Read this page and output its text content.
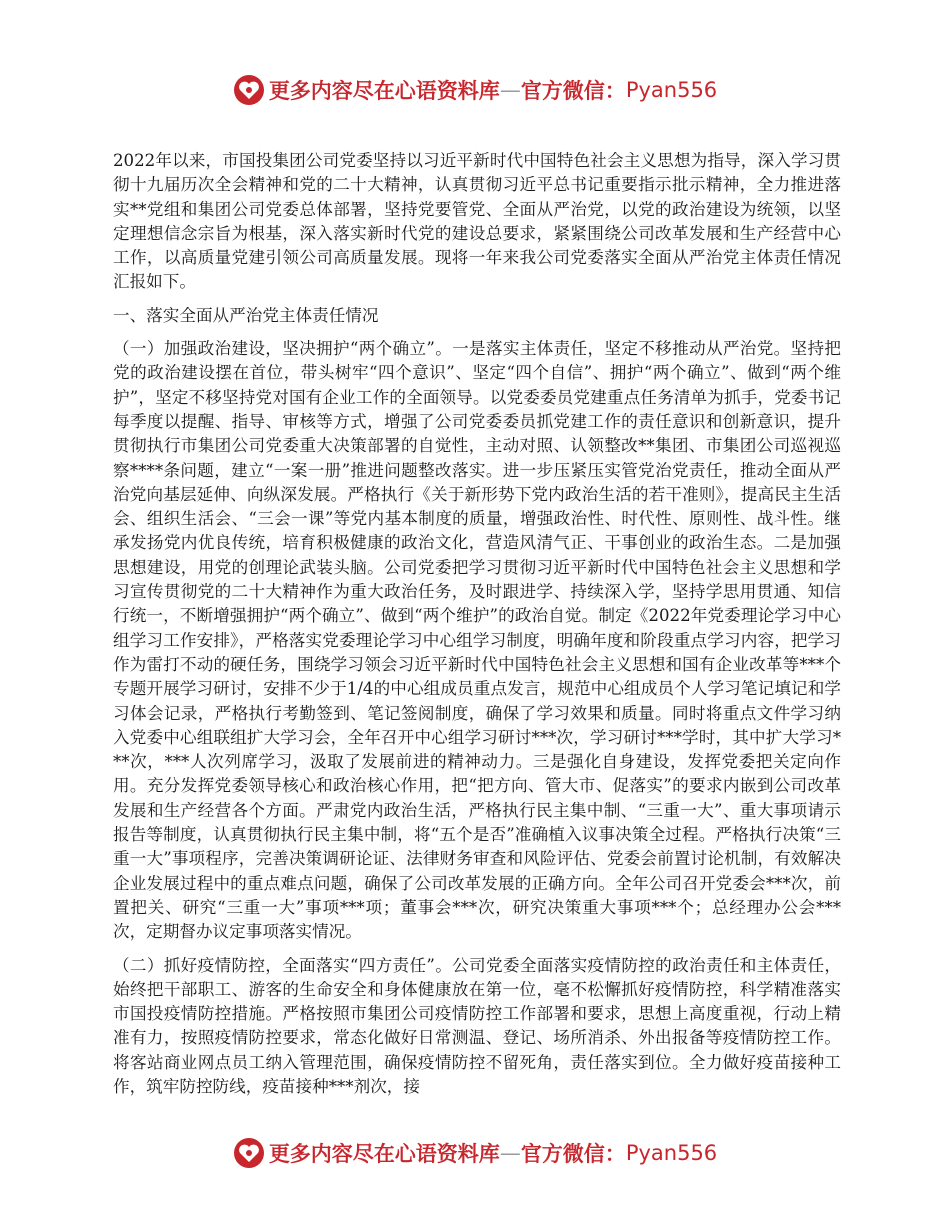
更多内容尽在心语资料库 — 官方微信： Pyan556

2022年以来，市国投集团公司党委坚持以习近平新时代中国特色社会主义思想为指导，深入学习贯彻十九届历次全会精神和党的二十大精神，认真贯彻习近平总书记重要指示批示精神，全力推进落实**党组和集团公司党委总体部署，坚持党要管党、全面从严治党，以党的政治建设为统领，以坚定理想信念宗旨为根基，深入落实新时代党的建设总要求，紧紧围绕公司改革发展和生产经营中心工作，以高质量党建引领公司高质量发展。现将一年来我公司党委落实全面从严治党主体责任情况汇报如下。

一、落实全面从严治党主体责任情况

（一）加强政治建设，坚决拥护“两个确立”。一是落实主体责任，坚定不移推动从严治党。坚持把党的政治建设摆在首位，带头树牢“四个意识”、坚定“四个自信”、拥护“两个确立”、做到“两个维护”，坚定不移坚持党对国有企业工作的全面领导。以党委委员党建重点任务清单为抓手，党委书记每季度以提醒、指导、审核等方式，增强了公司党委委员抓党建工作的责任意识和创新意识，提升贯彻执行市集团公司党委重大决策部署的自觉性，主动对照、认领整改**集团、市集团公司巡视巡察****条问题，建立“一案一册”推进问题整改落实。进一步压紧压实管党治党责任，推动全面从严治党向基层延伸、向纵深发展。严格执行《关于新形势下党内政治生活的若干准则》，提高民主生活会、组织生活会、“三会一课”等党内基本制度的质量，增强政治性、时代性、原则性、战斗性。继承发扬党内优良传统，培育积极健康的政治文化，营造风清气正、干事创业的政治生态。二是加强思想建设，用党的创理论武装头脑。公司党委把学习贯彻习近平新时代中国特色社会主义思想和学习宣传贯彻党的二十大精神作为重大政治任务，及时跟进学、持续深入学，坚持学思用贯通、知信行统一，不断增强拥护“两个确立”、做到“两个维护”的政治自觉。制定《2022年党委理论学习中心组学习工作安排》，严格落实党委理论学习中心组学习制度，明确年度和阶段重点学习内容，把学习作为雷打不动的硬任务，围绕学习领会习近平新时代中国特色社会主义思想和国有企业改革等***个专题开展学习研讨，安排不少于1/4的中心组成员重点发言，规范中心组成员个人学习笔记填记和学习体会记录，严格执行考勤签到、笔记签阅制度，确保了学习效果和质量。同时将重点文件学习纳入党委中心组联组扩大学习会，全年召开中心组学习研讨***次，学习研讨***学时，其中扩大学习***次，***人次列席学习，汲取了发展前进的精神动力。三是强化自身建设，发挥党委把关定向作用。充分发挥党委领导核心和政治核心作用，把“把方向、管大市、促落实”的要求内嵌到公司改革发展和生产经营各个方面。严肃党内政治生活，严格执行民主集中制、“三重一大”、重大事项请示报告等制度，认真贯彻执行民主集中制，将“五个是否”准确植入议事决策全过程。严格执行决策“三重一大”事项程序，完善决策调研论证、法律财务审查和风险评估、党委会前置讨论机制，有效解决企业发展过程中的重点难点问题，确保了公司改革发展的正确方向。全年公司召开党委会***次，前置把关、研究“三重一大”事项***项；董事会***次，研究决策重大事项***个；总经理办公会***次，定期督办议定事项落实情况。

（二）抓好疫情防控，全面落实“四方责任”。公司党委全面落实疫情防控的政治责任和主体责任，始终把干部职工、游客的生命安全和身体健康放在第一位，毫不松懈抓好疫情防控，科学精准落实市国投疫情防控措施。严格按照市集团公司疫情防控工作部署和要求，思想上高度重视，行动上精准有力，按照疫情防控要求，常态化做好日常测温、登记、场所消杀、外出报备等疫情防控工作。将客站商业网点员工纳入管理范围，确保疫情防控不留死角，责任落实到位。全力做好疫苗接种工作，筑牢防控防线，疫苗接种***剂次，接

更多内容尽在心语资料库 — 官方微信： Pyan556
